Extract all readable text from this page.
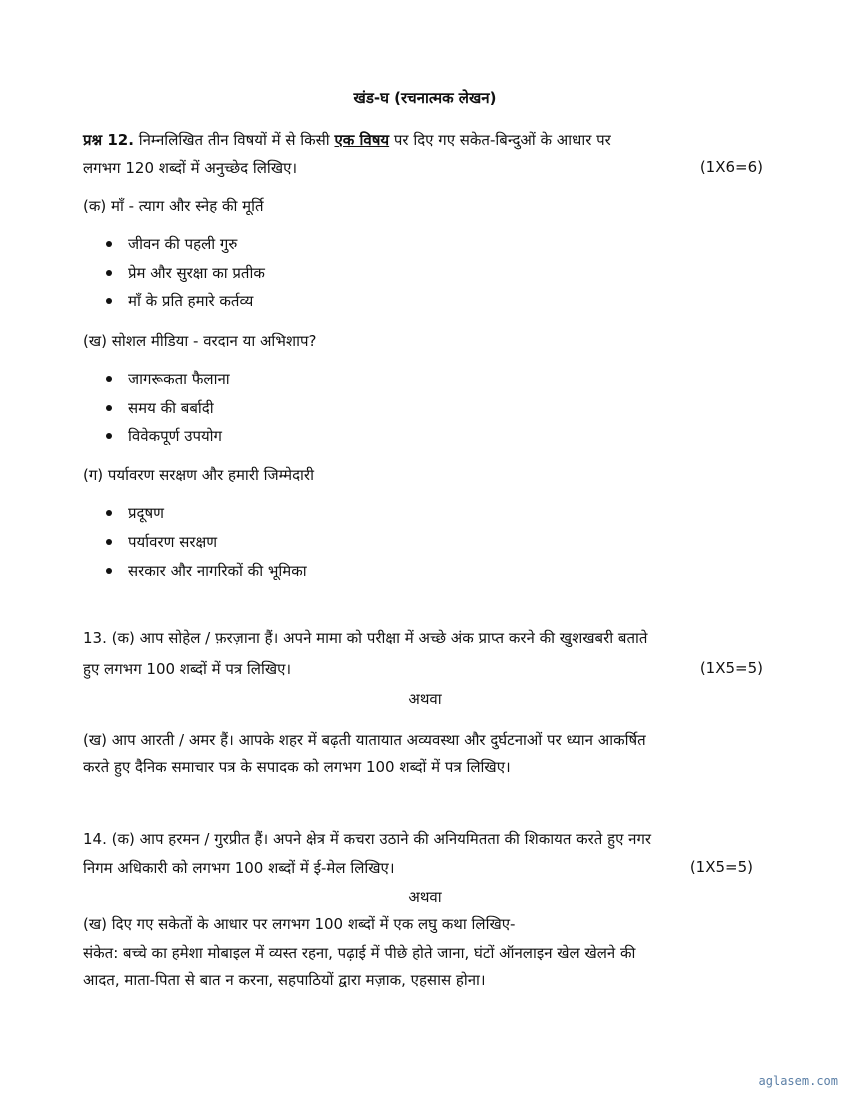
खंड-घ (रचनात्मक लेखन)
प्रश्न 12. निम्नलिखित तीन विषयों में से किसी एक विषय पर दिए गए सकेत-बिन्दुओं के आधार पर
लगभग 120 शब्दों में अनुच्छेद लिखिए।	(1X6=6)
(क) माँ - त्याग और स्नेह की मूर्ति
जीवन की पहली गुरु
प्रेम और सुरक्षा का प्रतीक
माँ के प्रति हमारे कर्तव्य
(ख) सोशल मीडिया - वरदान या अभिशाप?
जागरूकता फैलाना
समय की बर्बादी
विवेकपूर्ण उपयोग
(ग) पर्यावरण सरक्षण और हमारी जिम्मेदारी
प्रदूषण
पर्यावरण सरक्षण
सरकार और नागरिकों की भूमिका
13. (क) आप सोहेल / फ़रज़ाना हैं। अपने मामा को परीक्षा में अच्छे अंक प्राप्त करने की खुशखबरी बताते
हुए लगभग 100 शब्दों में पत्र लिखिए।	(1X5=5)
अथवा
(ख) आप आरती / अमर हैं। आपके शहर में बढ़ती यातायात अव्यवस्था और दुर्घटनाओं पर ध्यान आकर्षित
करते हुए दैनिक समाचार पत्र के सपादक को लगभग 100 शब्दों में पत्र लिखिए।
14. (क) आप हरमन / गुरप्रीत हैं। अपने क्षेत्र में कचरा उठाने की अनियमितता की शिकायत करते हुए नगर
निगम अधिकारी को लगभग 100 शब्दों में ई-मेल लिखिए।	(1X5=5)
अथवा
(ख) दिए गए सकेतों के आधार पर लगभग 100 शब्दों में एक लघु कथा लिखिए-
संकेत: बच्चे का हमेशा मोबाइल में व्यस्त रहना, पढ़ाई में पीछे होते जाना, घंटों ऑनलाइन खेल खेलने की
आदत, माता-पिता से बात न करना, सहपाठियों द्वारा मज़ाक, एहसास होना।
aglasem.com
